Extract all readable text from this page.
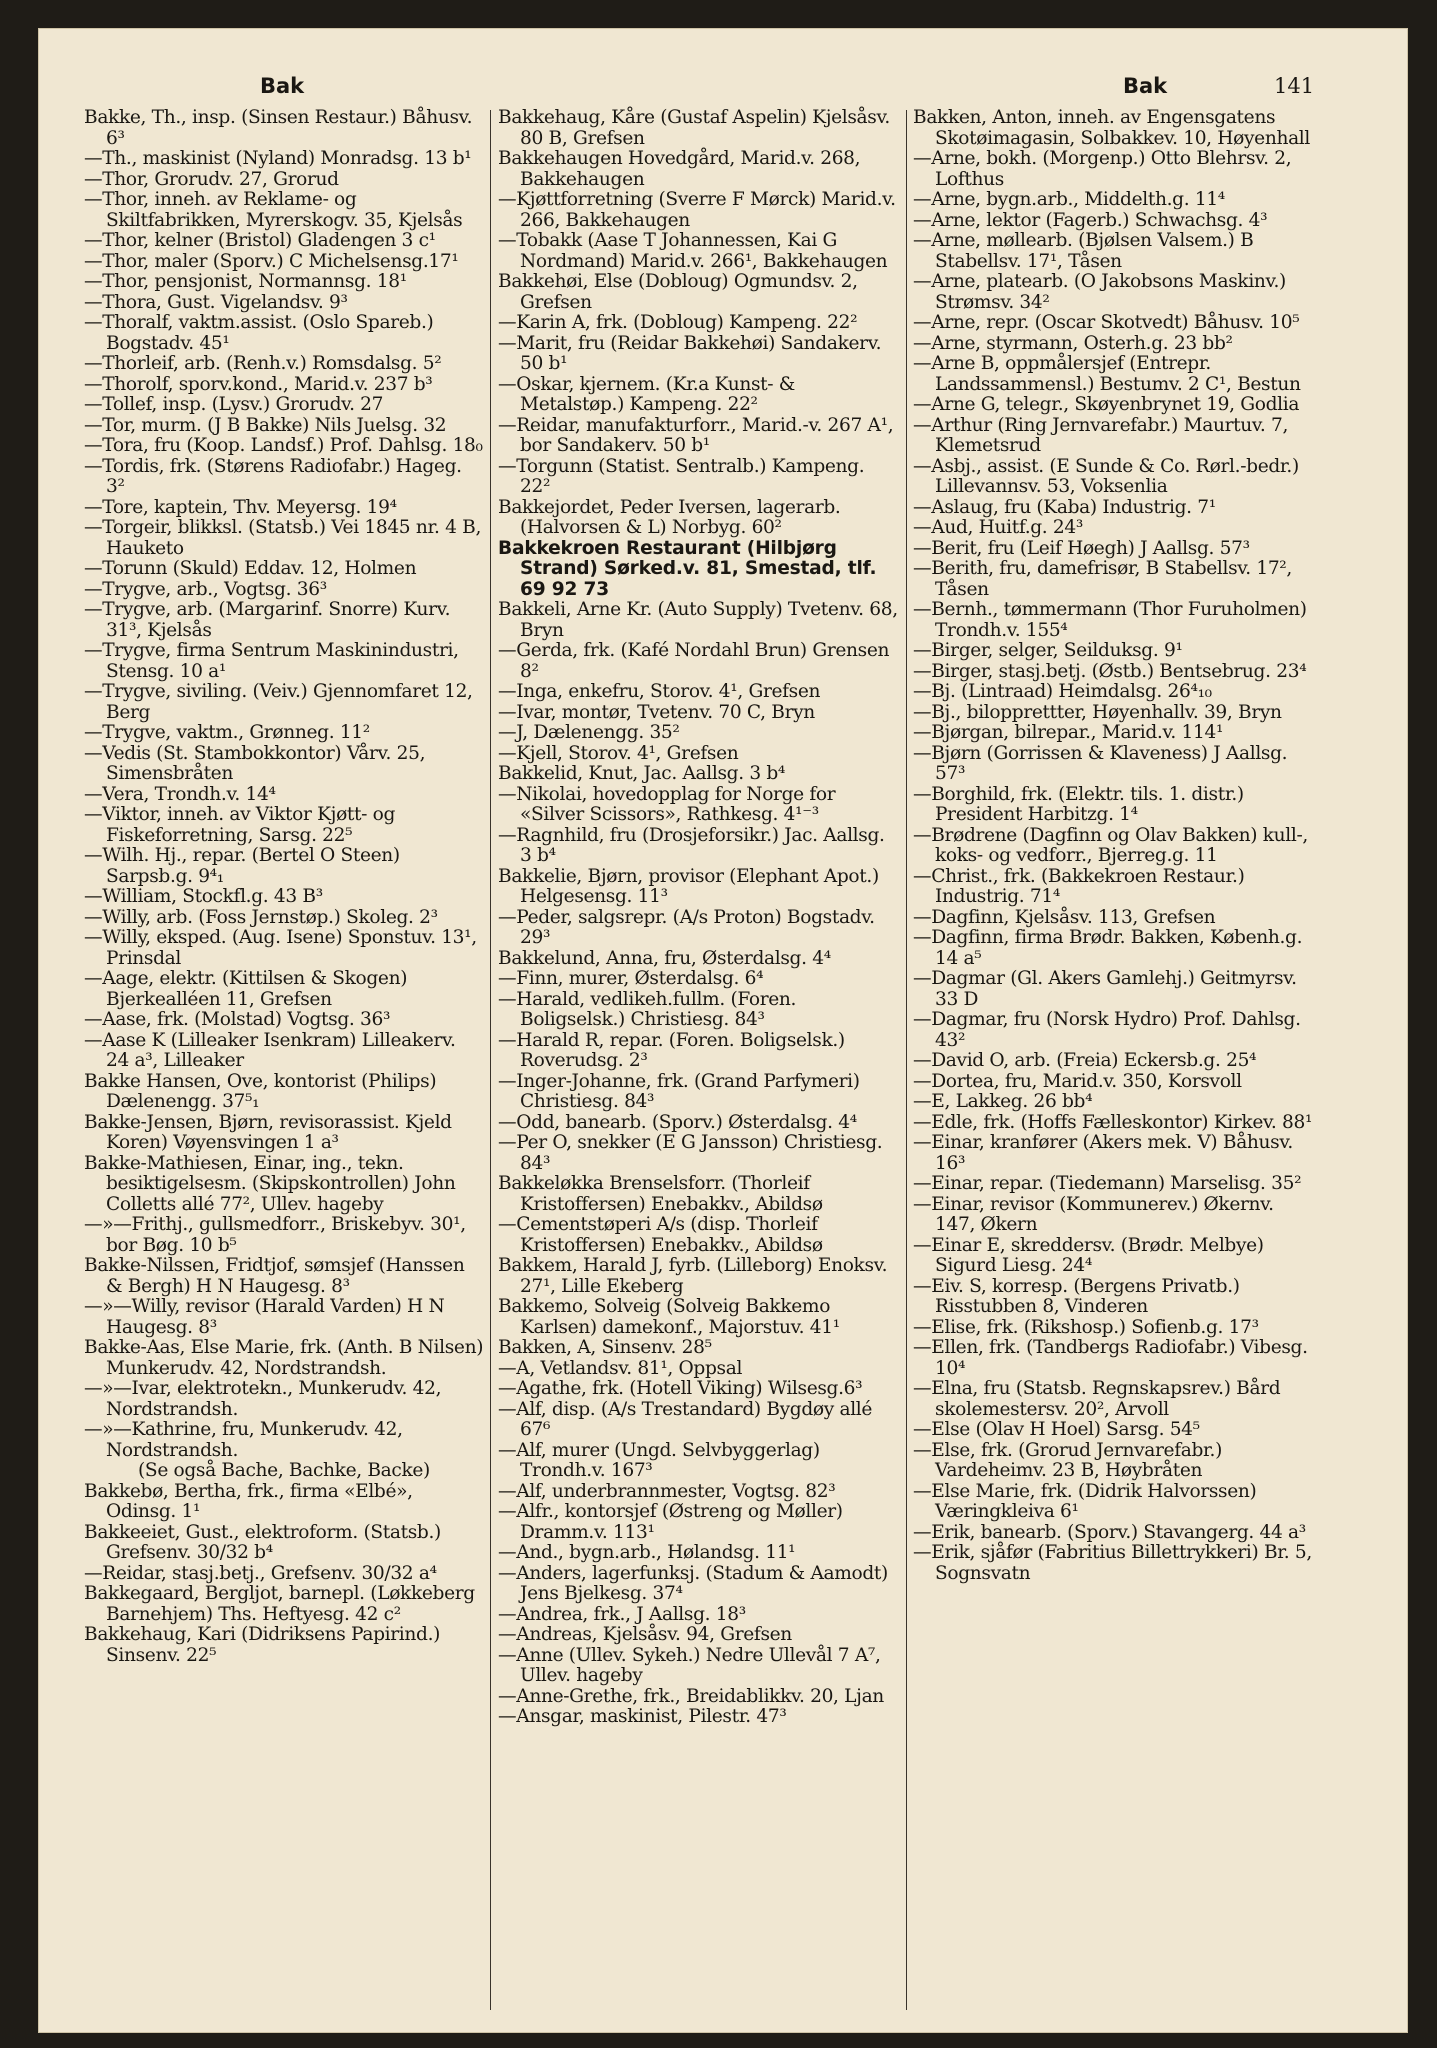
Bak	Bak	141

Bakke, Th., insp. (Sinsen Restaur.) Båhusv. 6³

—Th., maskinist (Nyland) Monradsg. 13 b¹

—Thor, Grorudv. 27, Grorud

—Thor, inneh. av Reklame- og Skiltfabrikken, Myrerskogv. 35, Kjelsås

—Thor, kelner (Bristol) Gladengen 3 c¹

—Thor, maler (Sporv.) C Michelsensg.17¹

—Thor, pensjonist, Normannsg. 18¹

—Thora, Gust. Vigelandsv. 9³

—Thoralf, vaktm.assist. (Oslo Spareb.) Bogstadv. 45¹

—Thorleif, arb. (Renh.v.) Romsdalsg. 5²

—Thorolf, sporv.kond., Marid.v. 237 b³

—Tollef, insp. (Lysv.) Grorudv. 27

—Tor, murm. (J B Bakke) Nils Juelsg. 32

—Tora, fru (Koop. Landsf.) Prof. Dahlsg. 18₀

—Tordis, frk. (Størens Radiofabr.) Hageg. 3²

—Tore, kaptein, Thv. Meyersg. 19⁴

—Torgeir, blikksl. (Statsb.) Vei 1845 nr. 4 B, Hauketo

—Torunn (Skuld) Eddav. 12, Holmen

—Trygve, arb., Vogtsg. 36³

—Trygve, arb. (Margarinf. Snorre) Kurv. 31³, Kjelsås

—Trygve, firma Sentrum Maskinindustri, Stensg. 10 a¹

—Trygve, siviling. (Veiv.) Gjennomfaret 12, Berg

—Trygve, vaktm., Grønneg. 11²

—Vedis (St. Stambokkontor) Vårv. 25, Simensbråten

—Vera, Trondh.v. 14⁴

—Viktor, inneh. av Viktor Kjøtt- og Fiskeforretning, Sarsg. 22⁵

—Wilh. Hj., repar. (Bertel O Steen) Sarpsb.g. 9⁴₁

—William, Stockfl.g. 43 B³

—Willy, arb. (Foss Jernstøp.) Skoleg. 2³

—Willy, eksped. (Aug. Isene) Sponstuv. 13¹, Prinsdal

—Aage, elektr. (Kittilsen & Skogen) Bjerkealléen 11, Grefsen

—Aase, frk. (Molstad) Vogtsg. 36³

—Aase K (Lilleaker Isenkram) Lilleakerv. 24 a³, Lilleaker

Bakke Hansen, Ove, kontorist (Philips) Dælenengg. 37⁵₁

Bakke-Jensen, Bjørn, revisorassist. Kjeld Koren) Vøyensvingen 1 a³

Bakke-Mathiesen, Einar, ing., tekn. besiktigelsesm. (Skipskontrollen) John Colletts allé 77², Ullev. hageby

—»—Frithj., gullsmedforr., Briskebyv. 30¹, bor Bøg. 10 b⁵

Bakke-Nilssen, Fridtjof, sømsjef (Hanssen & Bergh) H N Haugesg. 8³

—»—Willy, revisor (Harald Varden) H N Haugesg. 8³

Bakke-Aas, Else Marie, frk. (Anth. B Nilsen) Munkerudv. 42, Nordstrandsh.

—»—Ivar, elektrotekn., Munkerudv. 42, Nordstrandsh.

—»—Kathrine, fru, Munkerudv. 42, Nordstrandsh.

(Se også Bache, Bachke, Backe)

Bakkebø, Bertha, frk., firma «Elbé», Odinsg. 1¹

Bakkeeiet, Gust., elektroform. (Statsb.) Grefsenv. 30/32 b⁴

—Reidar, stasj.betj., Grefsenv. 30/32 a⁴

Bakkegaard, Bergljot, barnepl. (Løkkeberg Barnehjem) Ths. Heftyesg. 42 c²

Bakkehaug, Kari (Didriksens Papirind.) Sinsenv. 22⁵

Bakkehaug, Kåre (Gustaf Aspelin) Kjelsåsv. 80 B, Grefsen

Bakkehaugen Hovedgård, Marid.v. 268, Bakkehaugen

—Kjøttforretning (Sverre F Mørck) Marid.v. 266, Bakkehaugen

—Tobakk (Aase T Johannessen, Kai G Nordmand) Marid.v. 266¹, Bakkehaugen

Bakkehøi, Else (Dobloug) Ogmundsv. 2, Grefsen

—Karin A, frk. (Dobloug) Kampeng. 22²

—Marit, fru (Reidar Bakkehøi) Sandakerv. 50 b¹

—Oskar, kjernem. (Kr.a Kunst- & Metalstøp.) Kampeng. 22²

—Reidar, manufakturforr., Marid.-v. 267 A¹, bor Sandakerv. 50 b¹

—Torgunn (Statist. Sentralb.) Kampeng. 22²

Bakkejordet, Peder Iversen, lagerarb. (Halvorsen & L) Norbyg. 60²

Bakkekroen Restaurant (Hilbjørg Strand) Sørked.v. 81, Smestad, tlf. 69 92 73

Bakkeli, Arne Kr. (Auto Supply) Tvetenv. 68, Bryn

—Gerda, frk. (Kafé Nordahl Brun) Grensen 8²

—Inga, enkefru, Storov. 4¹, Grefsen

—Ivar, montør, Tvetenv. 70 C, Bryn

—J, Dælenengg. 35²

—Kjell, Storov. 4¹, Grefsen

Bakkelid, Knut, Jac. Aallsg. 3 b⁴

—Nikolai, hovedopplag for Norge for «Silver Scissors», Rathkesg. 4¹⁻³

—Ragnhild, fru (Drosjeforsikr.) Jac. Aallsg. 3 b⁴

Bakkelie, Bjørn, provisor (Elephant Apot.) Helgesensg. 11³

—Peder, salgsrepr. (A/s Proton) Bogstadv. 29³

Bakkelund, Anna, fru, Østerdalsg. 4⁴

—Finn, murer, Østerdalsg. 6⁴

—Harald, vedlikeh.fullm. (Foren. Boligselsk.) Christiesg. 84³

—Harald R, repar. (Foren. Boligselsk.) Roverudsg. 2³

—Inger-Johanne, frk. (Grand Parfymeri) Christiesg. 84³

—Odd, banearb. (Sporv.) Østerdalsg. 4⁴

—Per O, snekker (E G Jansson) Christiesg. 84³

Bakkeløkka Brenselsforr. (Thorleif Kristoffersen) Enebakkv., Abildsø

—Cementstøperi A/s (disp. Thorleif Kristoffersen) Enebakkv., Abildsø

Bakkem, Harald J, fyrb. (Lilleborg) Enoksv. 27¹, Lille Ekeberg

Bakkemo, Solveig (Solveig Bakkemo Karlsen) damekonf., Majorstuv. 41¹

Bakken, A, Sinsenv. 28⁵

—A, Vetlandsv. 81¹, Oppsal

—Agathe, frk. (Hotell Viking) Wilsesg.6³

—Alf, disp. (A/s Trestandard) Bygdøy allé 67⁶

—Alf, murer (Ungd. Selvbyggerlag) Trondh.v. 167³

—Alf, underbrannmester, Vogtsg. 82³

—Alfr., kontorsjef (Østreng og Møller) Dramm.v. 113¹

—And., bygn.arb., Hølandsg. 11¹

—Anders, lagerfunksj. (Stadum & Aamodt) Jens Bjelkesg. 37⁴

—Andrea, frk., J Aallsg. 18³

—Andreas, Kjelsåsv. 94, Grefsen

—Anne (Ullev. Sykeh.) Nedre Ullevål 7 A⁷, Ullev. hageby

—Anne-Grethe, frk., Breidablikkv. 20, Ljan

—Ansgar, maskinist, Pilestr. 47³

Bakken, Anton, inneh. av Engensgatens Skotøimagasin, Solbakkev. 10, Høyenhall

—Arne, bokh. (Morgenp.) Otto Blehrsv. 2, Lofthus

—Arne, bygn.arb., Middelth.g. 11⁴

—Arne, lektor (Fagerb.) Schwachsg. 4³

—Arne, møllearb. (Bjølsen Valsem.) B Stabellsv. 17¹, Tåsen

—Arne, platearb. (O Jakobsons Maskinv.) Strømsv. 34²

—Arne, repr. (Oscar Skotvedt) Båhusv. 10⁵

—Arne, styrmann, Osterh.g. 23 bb²

—Arne B, oppmålersjef (Entrepr. Landssammensl.) Bestumv. 2 C¹, Bestun

—Arne G, telegr., Skøyenbrynet 19, Godlia

—Arthur (Ring Jernvarefabr.) Maurtuv. 7, Klemetsrud

—Asbj., assist. (E Sunde & Co. Rørl.-bedr.) Lillevannsv. 53, Voksenlia

—Aslaug, fru (Kaba) Industrig. 7¹

—Aud, Huitf.g. 24³

—Berit, fru (Leif Høegh) J Aallsg. 57³

—Berith, fru, damefrisør, B Stabellsv. 17², Tåsen

—Bernh., tømmermann (Thor Furuholmen) Trondh.v. 155⁴

—Birger, selger, Seilduksg. 9¹

—Birger, stasj.betj. (Østb.) Bentsebrug. 23⁴

—Bj. (Lintraad) Heimdalsg. 26⁴₁₀

—Bj., bilopprettter, Høyenhallv. 39, Bryn

—Bjørgan, bilrepar., Marid.v. 114¹

—Bjørn (Gorrissen & Klaveness) J Aallsg. 57³

—Borghild, frk. (Elektr. tils. 1. distr.) President Harbitzg. 1⁴

—Brødrene (Dagfinn og Olav Bakken) kull-, koks- og vedforr., Bjerreg.g. 11

—Christ., frk. (Bakkekroen Restaur.) Industrig. 71⁴

—Dagfinn, Kjelsåsv. 113, Grefsen

—Dagfinn, firma Brødr. Bakken, Københ.g. 14 a⁵

—Dagmar (Gl. Akers Gamlehj.) Geitmyrsv. 33 D

—Dagmar, fru (Norsk Hydro) Prof. Dahlsg. 43²

—David O, arb. (Freia) Eckersb.g. 25⁴

—Dortea, fru, Marid.v. 350, Korsvoll

—E, Lakkeg. 26 bb⁴

—Edle, frk. (Hoffs Fælleskontor) Kirkev. 88¹

—Einar, kranfører (Akers mek. V) Båhusv. 16³

—Einar, repar. (Tiedemann) Marselisg. 35²

—Einar, revisor (Kommunerev.) Økernv. 147, Økern

—Einar E, skreddersv. (Brødr. Melbye) Sigurd Liesg. 24⁴

—Eiv. S, korresp. (Bergens Privatb.) Risstubben 8, Vinderen

—Elise, frk. (Rikshosp.) Sofienb.g. 17³

—Ellen, frk. (Tandbergs Radiofabr.) Vibesg. 10⁴

—Elna, fru (Statsb. Regnskapsrev.) Bård skolemestersv. 20², Arvoll

—Else (Olav H Hoel) Sarsg. 54⁵

—Else, frk. (Grorud Jernvarefabr.) Vardeheimv. 23 B, Høybråten

—Else Marie, frk. (Didrik Halvorssen) Væringkleiva 6¹

—Erik, banearb. (Sporv.) Stavangerg. 44 a³

—Erik, sjåfør (Fabritius Billettrykkeri) Br. 5, Sognsvatn
